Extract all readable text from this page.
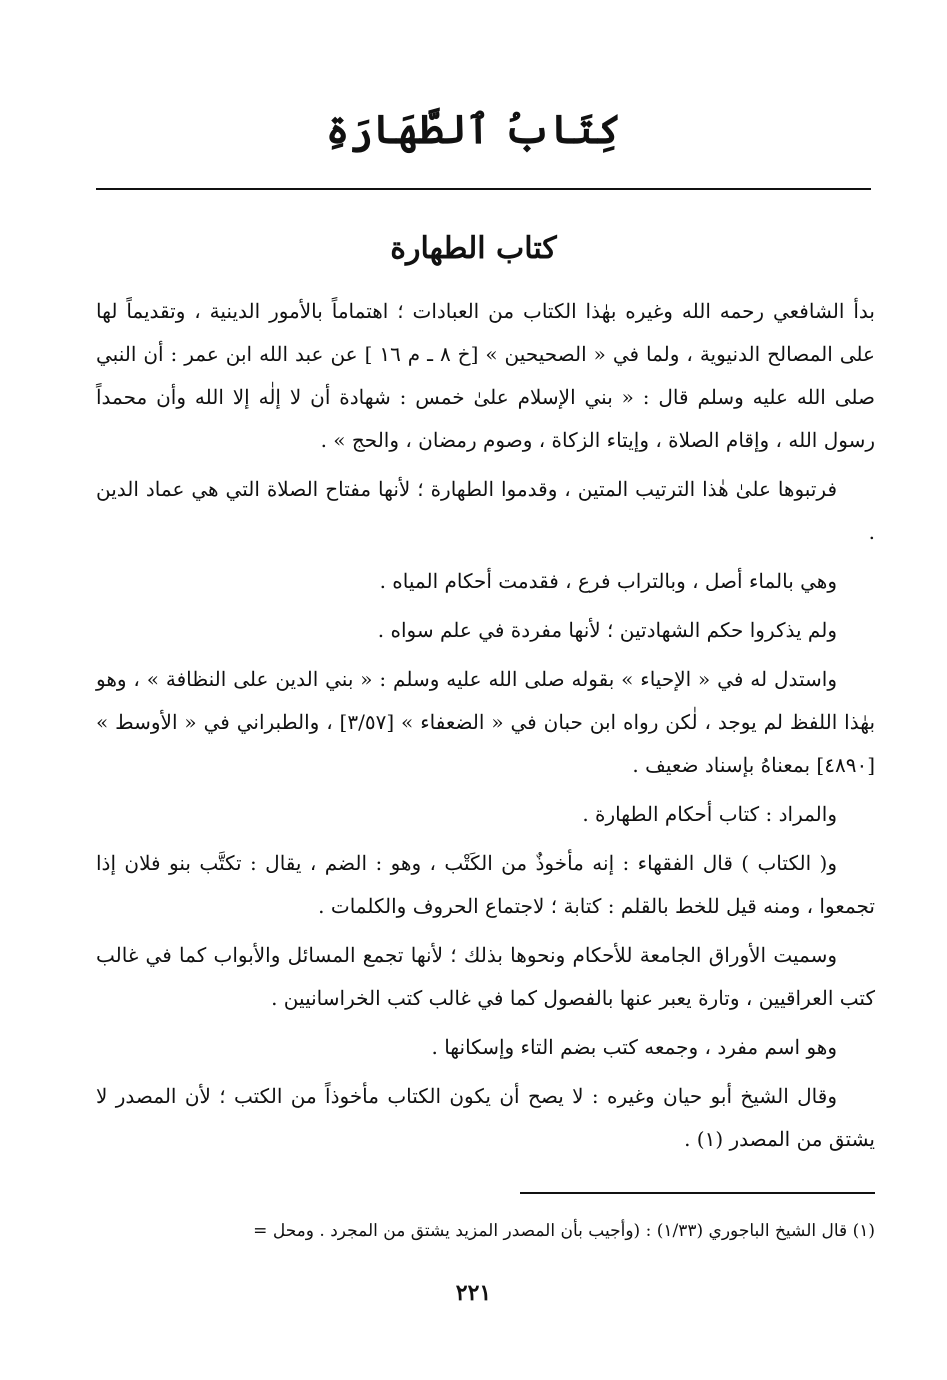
كِتَابُ ٱلطَّهَارَةِ
كتاب الطهارة

بدأ الشافعي رحمه الله وغيره بهٰذا الكتاب من العبادات ؛ اهتماماً بالأمور الدينية ، وتقديماً لها على المصالح الدنيوية ، ولما في « الصحيحين » [خ ٨ ـ م ١٦ ] عن عبد الله ابن عمر : أن النبي صلى الله عليه وسلم قال : « بني الإسلام علىٰ خمس : شهادة أن لا إلٰه إلا الله وأن محمداً رسول الله ، وإقام الصلاة ، وإيتاء الزكاة ، وصوم رمضان ، والحج » .

فرتبوها علىٰ هٰذا الترتيب المتين ، وقدموا الطهارة ؛ لأنها مفتاح الصلاة التي هي عماد الدين .

وهي بالماء أصل ، وبالتراب فرع ، فقدمت أحكام المياه .

ولم يذكروا حكم الشهادتين ؛ لأنها مفردة في علم سواه .

واستدل له في « الإحياء » بقوله صلى الله عليه وسلم : « بني الدين على النظافة » ، وهو بهٰذا اللفظ لم يوجد ، لٰكن رواه ابن حبان في « الضعفاء » [٣/٥٧] ، والطبراني في « الأوسط » [٤٨٩٠] بمعناهُ بإسناد ضعيف .

والمراد : كتاب أحكام الطهارة .

و( الكتاب ) قال الفقهاء : إنه مأخوذٌ من الكَتْب ، وهو : الضم ، يقال : تكتَّب بنو فلان إذا تجمعوا ، ومنه قيل للخط بالقلم : كتابة ؛ لاجتماع الحروف والكلمات .

وسميت الأوراق الجامعة للأحكام ونحوها بذلك ؛ لأنها تجمع المسائل والأبواب كما في غالب كتب العراقيين ، وتارة يعبر عنها بالفصول كما في غالب كتب الخراسانيين .

وهو اسم مفرد ، وجمعه كتب بضم التاء وإسكانها .

وقال الشيخ أبو حيان وغيره : لا يصح أن يكون الكتاب مأخوذاً من الكتب ؛ لأن المصدر لا يشتق من المصدر (١) .

(١) قال الشيخ الباجوري (١/٣٣) : (وأجيب بأن المصدر المزيد يشتق من المجرد . ومحل =
٢٢١
